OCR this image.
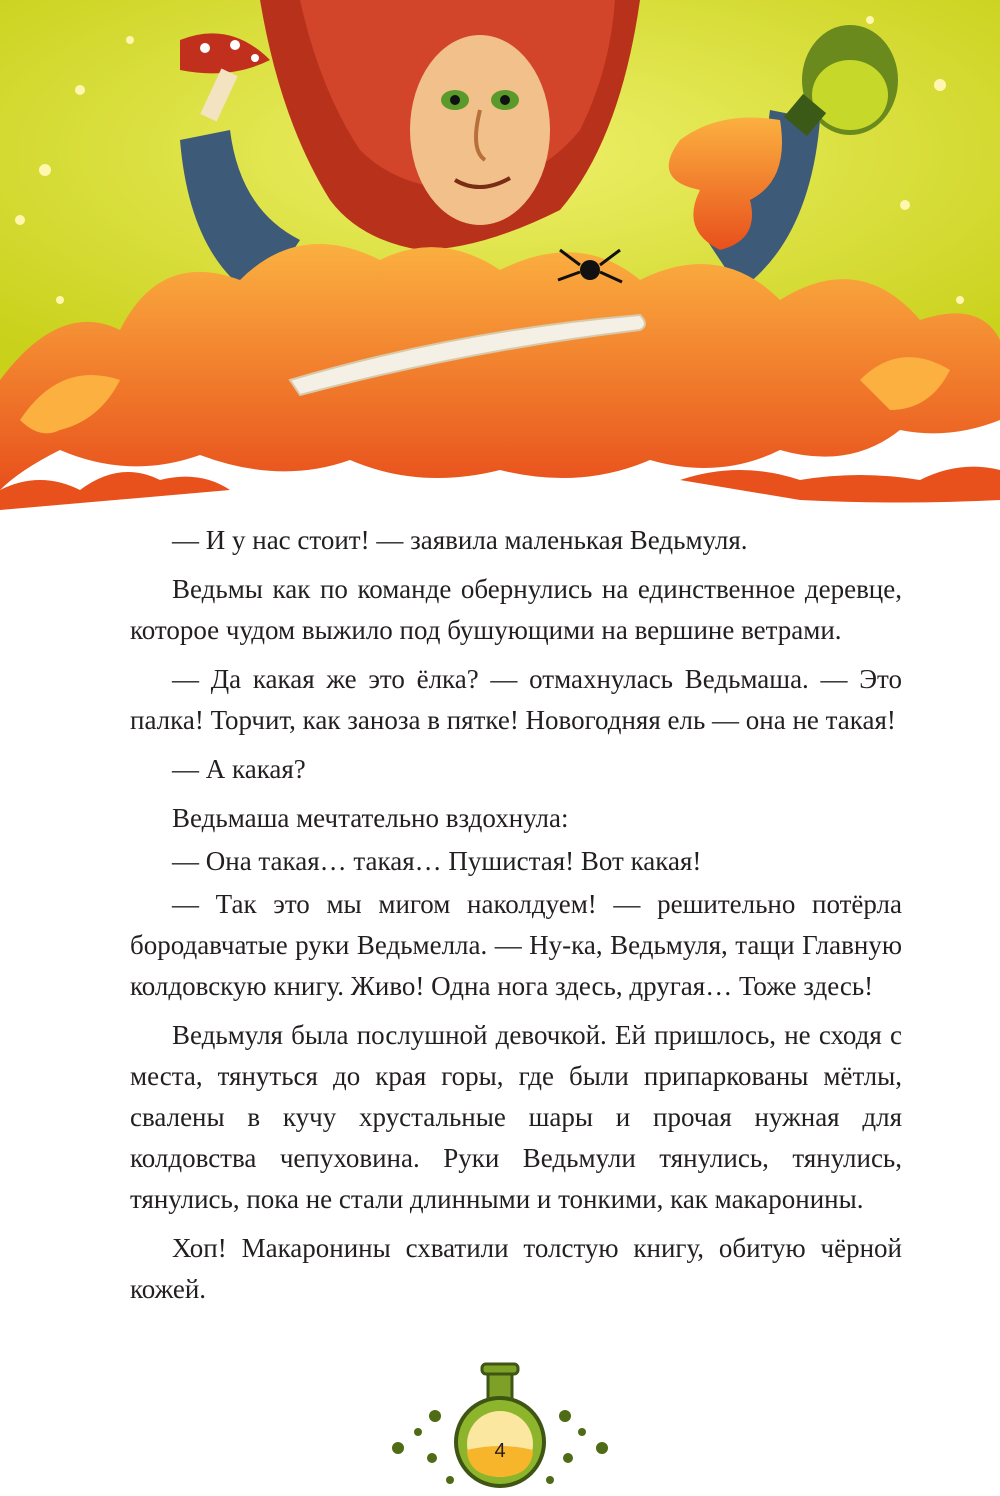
— И у нас стоит! — заявила маленькая Ведьмуля.

Ведьмы как по команде обернулись на единственное деревце, которое чудом выжило под бушующими на вершине ветрами.

— Да какая же это ёлка? — отмахнулась Ведьмаша. — Это палка! Торчит, как заноза в пятке! Новогодняя ель — она не такая!

— А какая?

Ведьмаша мечтательно вздохнула:

— Она такая… такая… Пушистая! Вот какая!

— Так это мы мигом наколдуем! — решительно потёрла бородавчатые руки Ведьмелла. — Ну-ка, Ведьмуля, тащи Главную колдовскую книгу. Живо! Одна нога здесь, другая… Тоже здесь!

Ведьмуля была послушной девочкой. Ей пришлось, не сходя с места, тянуться до края горы, где были припаркованы мётлы, свалены в кучу хрустальные шары и прочая нужная для колдовства чепуховина. Руки Ведьмули тянулись, тянулись, тянулись, пока не стали длинными и тонкими, как макаронины.

Хоп! Макаронины схватили толстую книгу, обитую чёрной кожей.

4
